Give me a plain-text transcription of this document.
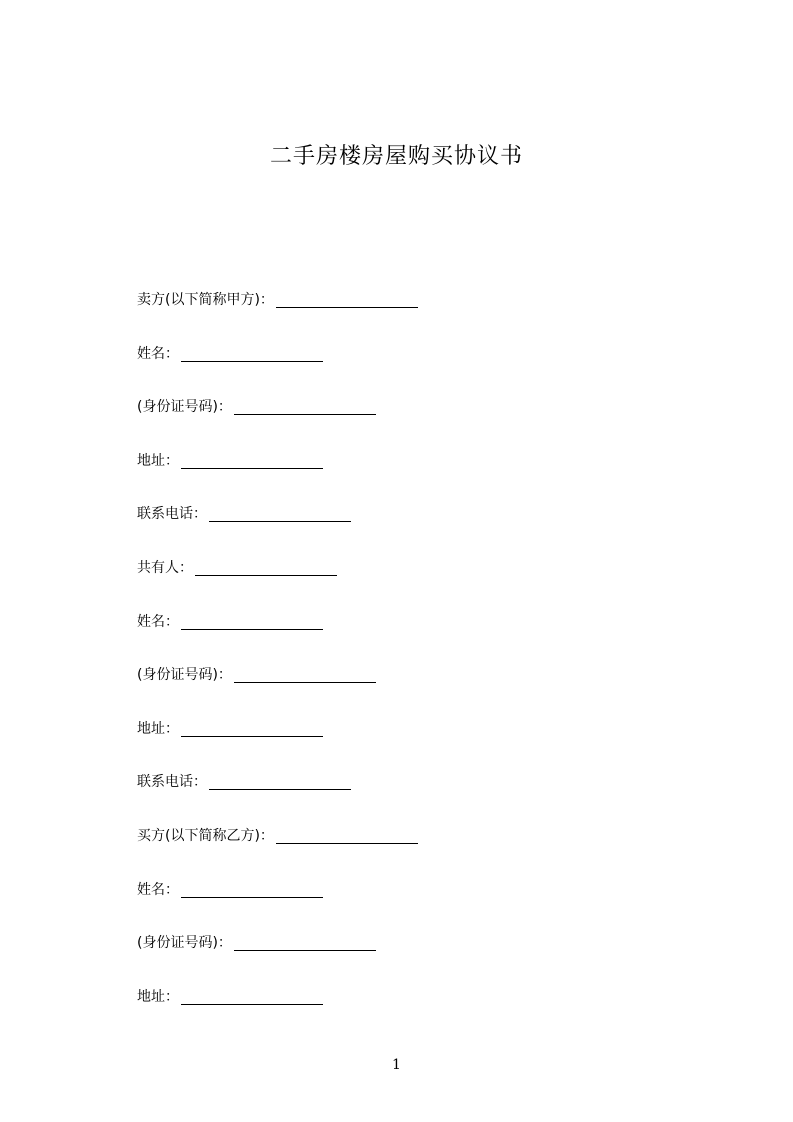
二手房楼房屋购买协议书
卖方(以下简称甲方)：
姓名：
(身份证号码)：
地址：
联系电话：
共有人：
姓名：
(身份证号码)：
地址：
联系电话：
买方(以下简称乙方)：
姓名：
(身份证号码)：
地址：
1
